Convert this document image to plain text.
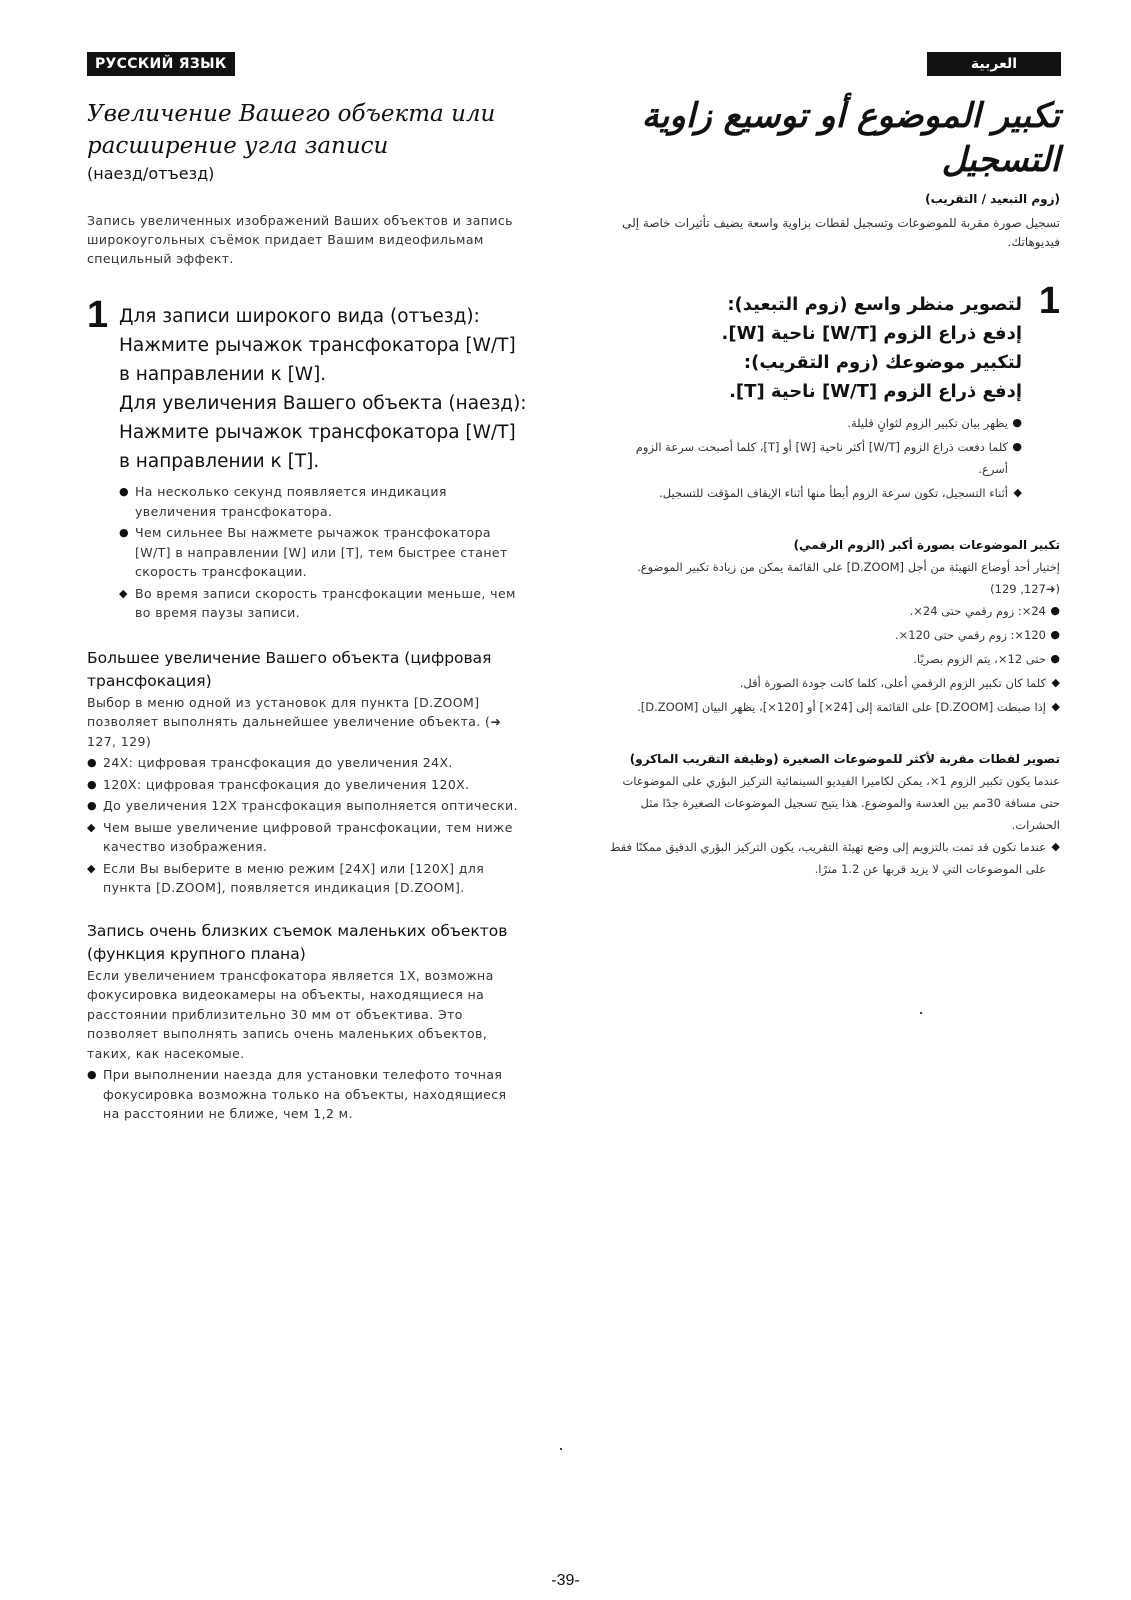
РУССКИЙ ЯЗЫК
Увеличение Вашего объекта или
расширение угла записи
(наезд/отъезд)

Запись увеличенных изображений Ваших объектов и запись широкоугольных съёмок придает Вашим видеофильмам специльный эффект.

1 Для записи широкого вида (отъезд):
Нажмите рычажок трансфокатора [W/T]
в направлении к [W].
Для увеличения Вашего объекта (наезд):
Нажмите рычажок трансфокатора [W/T]
в направлении к [T].
● На несколько секунд появляется индикация увеличения трансфокатора.
● Чем сильнее Вы нажмете рычажок трансфокатора [W/T] в направлении [W] или [T], тем быстрее станет скорость трансфокации.
◆ Во время записи скорость трансфокации меньше, чем во время паузы записи.
Большее увеличение Вашего объекта (цифровая трансфокация)
Выбор в меню одной из установок для пункта [D.ZOOM] позволяет выполнять дальнейшее увеличение объекта. (➜ 127, 129)
● 24X: цифровая трансфокация до увеличения 24X.
● 120X: цифровая трансфокация до увеличения 120X.
● До увеличения 12X трансфокация выполняется оптически.
◆ Чем выше увеличение цифровой трансфокации, тем ниже качество изображения.
◆ Если Вы выберите в меню режим [24X] или [120X] для пункта [D.ZOOM], появляется индикация [D.ZOOM].
Запись очень близких съемок маленьких объектов (функция крупного плана)
Если увеличением трансфокатора является 1X, возможна фокусировка видеокамеры на объекты, находящиеся на расстоянии приблизительно 30 мм от объектива. Это позволяет выполнять запись очень маленьких объектов, таких, как насекомые.
● При выполнении наезда для установки телефото точная фокусировка возможна только на объекты, находящиеся на расстоянии не ближе, чем 1,2 м.
العربية
تكبير الموضوع أو توسيع زاوية
التسجيل
(زوم التبعيد / التقريب)

تسجيل صورة مقربة للموضوعات وتسجيل لقطات بزاوية واسعة يضيف تأثيرات خاصة إلى فيديوهاتك.

1
لتصوير منظر واسع (زوم التبعيد):
إدفع ذراع الزوم [W/T] ناحية [W].
لتكبير موضوعك (زوم التقريب):
إدفع ذراع الزوم [W/T] ناحية [T].
●
يظهر بيان تكبير الزوم لثوانٍ قليلة.
●
كلما دفعت ذراع الزوم [W/T] أكثر ناحية [W] أو [T]، كلما أصبحت سرعة الزوم أسرع.
◆
أثناء التسجيل، تكون سرعة الزوم أبطأ منها أثناء الإيقاف المؤقت للتسجيل.
تكبير الموضوعات بصورة أكبر (الزوم الرقمي)
إختيار أحد أوضاع التهيئة من أجل [D.ZOOM] على القائمة يمكن من زيادة تكبير الموضوع. (➜127, 129)
●
24×: زوم رقمي حتى 24×.
●
120×: زوم رقمي حتى 120×.
●
حتى 12×، يتم الزوم بصريًا.
◆
كلما كان تكبير الزوم الرقمي أعلى، كلما كانت جودة الصورة أقل.
◆
إذا ضبطت [D.ZOOM] على القائمة إلى [24×] أو [120×]، يظهر البيان [D.ZOOM].
تصوير لقطات مقربة لأكثر للموضوعات الصغيرة (وظيفة التقريب الماكرو)
عندما يكون تكبير الزوم 1×، يمكن لكاميرا الفيديو السينمائية التركيز البؤري على الموضوعات حتى مسافة 30مم بين العدسة والموضوع. هذا يتيح تسجيل الموضوعات الصغيرة جدًا مثل الحشرات.
◆
عندما تكون قد تمت بالتزويم إلى وضع تهيئة التقريب، يكون التركيز البؤري الدقيق ممكنًا فقط على الموضوعات التي لا يزيد قربها عن 1.2 مترًا.
-39-
